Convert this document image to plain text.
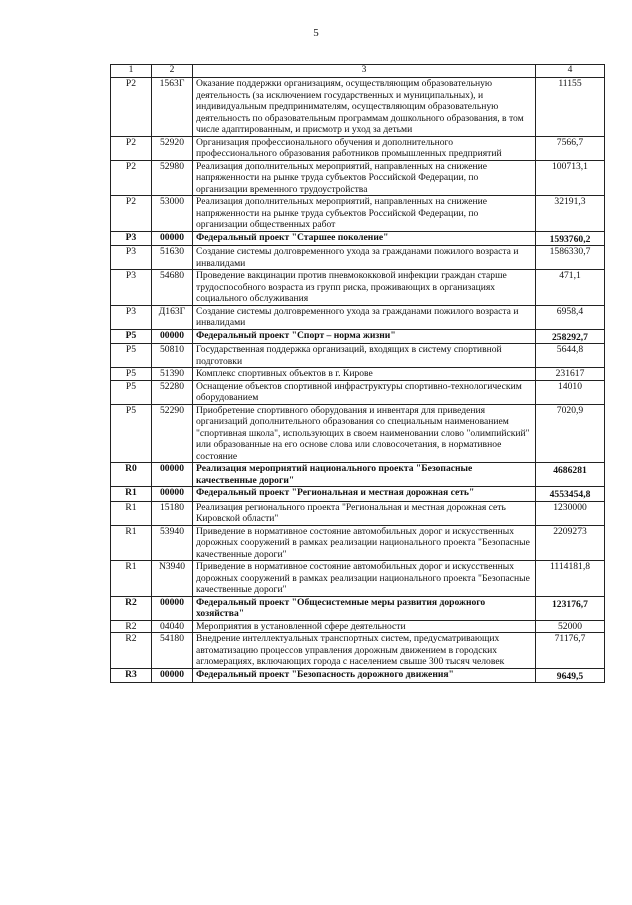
5
1	2	3	4
Р2	1563Г	Оказание поддержки организациям, осуществляющим образовательную деятельность (за исключением государственных и муниципальных), и индивидуальным предпринимателям, осуществляющим образовательную деятельность по образовательным программам дошкольного образования, в том числе адаптированным, и присмотр и уход за детьми	11155
Р2	52920	Организация профессионального обучения и дополнительного профессионального образования работников промышленных предприятий	7566,7
Р2	52980	Реализация дополнительных мероприятий, направленных на снижение напряженности на рынке труда субъектов Российской Федерации, по организации временного трудоустройства	100713,1
Р2	53000	Реализация дополнительных мероприятий, направленных на снижение напряженности на рынке труда субъектов Российской Федерации, по организации общественных работ	32191,3
Р3	00000	Федеральный проект "Старшее поколение"	1593760,2
Р3	51630	Создание системы долговременного ухода за гражданами пожилого возраста и инвалидами	1586330,7
Р3	54680	Проведение вакцинации против пневмококковой инфекции граждан старше трудоспособного возраста из групп риска, проживающих в организациях социального обслуживания	471,1
Р3	Д163Г	Создание системы долговременного ухода за гражданами пожилого возраста и инвалидами	6958,4
Р5	00000	Федеральный проект "Спорт – норма жизни"	258292,7
Р5	50810	Государственная поддержка организаций, входящих в систему спортивной подготовки	5644,8
Р5	51390	Комплекс спортивных объектов в г. Кирове	231617
Р5	52280	Оснащение объектов спортивной инфраструктуры спортивно-технологическим оборудованием	14010
Р5	52290	Приобретение спортивного оборудования и инвентаря для приведения организаций дополнительного образования со специальным наименованием "спортивная школа", использующих в своем наименовании слово "олимпийский" или образованные на его основе слова или словосочетания, в нормативное состояние	7020,9
R0	00000	Реализация мероприятий национального проекта "Безопасные качественные дороги"	4686281
R1	00000	Федеральный проект "Региональная и местная дорожная сеть"	4553454,8
R1	15180	Реализация регионального проекта "Региональная и местная дорожная сеть Кировской области"	1230000
R1	53940	Приведение в нормативное состояние автомобильных дорог и искусственных дорожных сооружений в рамках реализации национального проекта "Безопасные качественные дороги"	2209273
R1	N3940	Приведение в нормативное состояние автомобильных дорог и искусственных дорожных сооружений в рамках реализации национального проекта "Безопасные качественные дороги"	1114181,8
R2	00000	Федеральный проект "Общесистемные меры развития дорожного хозяйства"	123176,7
R2	04040	Мероприятия в установленной сфере деятельности	52000
R2	54180	Внедрение интеллектуальных транспортных систем, предусматривающих автоматизацию процессов управления дорожным движением в городских агломерациях, включающих города с населением свыше 300 тысяч человек	71176,7
R3	00000	Федеральный проект "Безопасность дорожного движения"	9649,5
